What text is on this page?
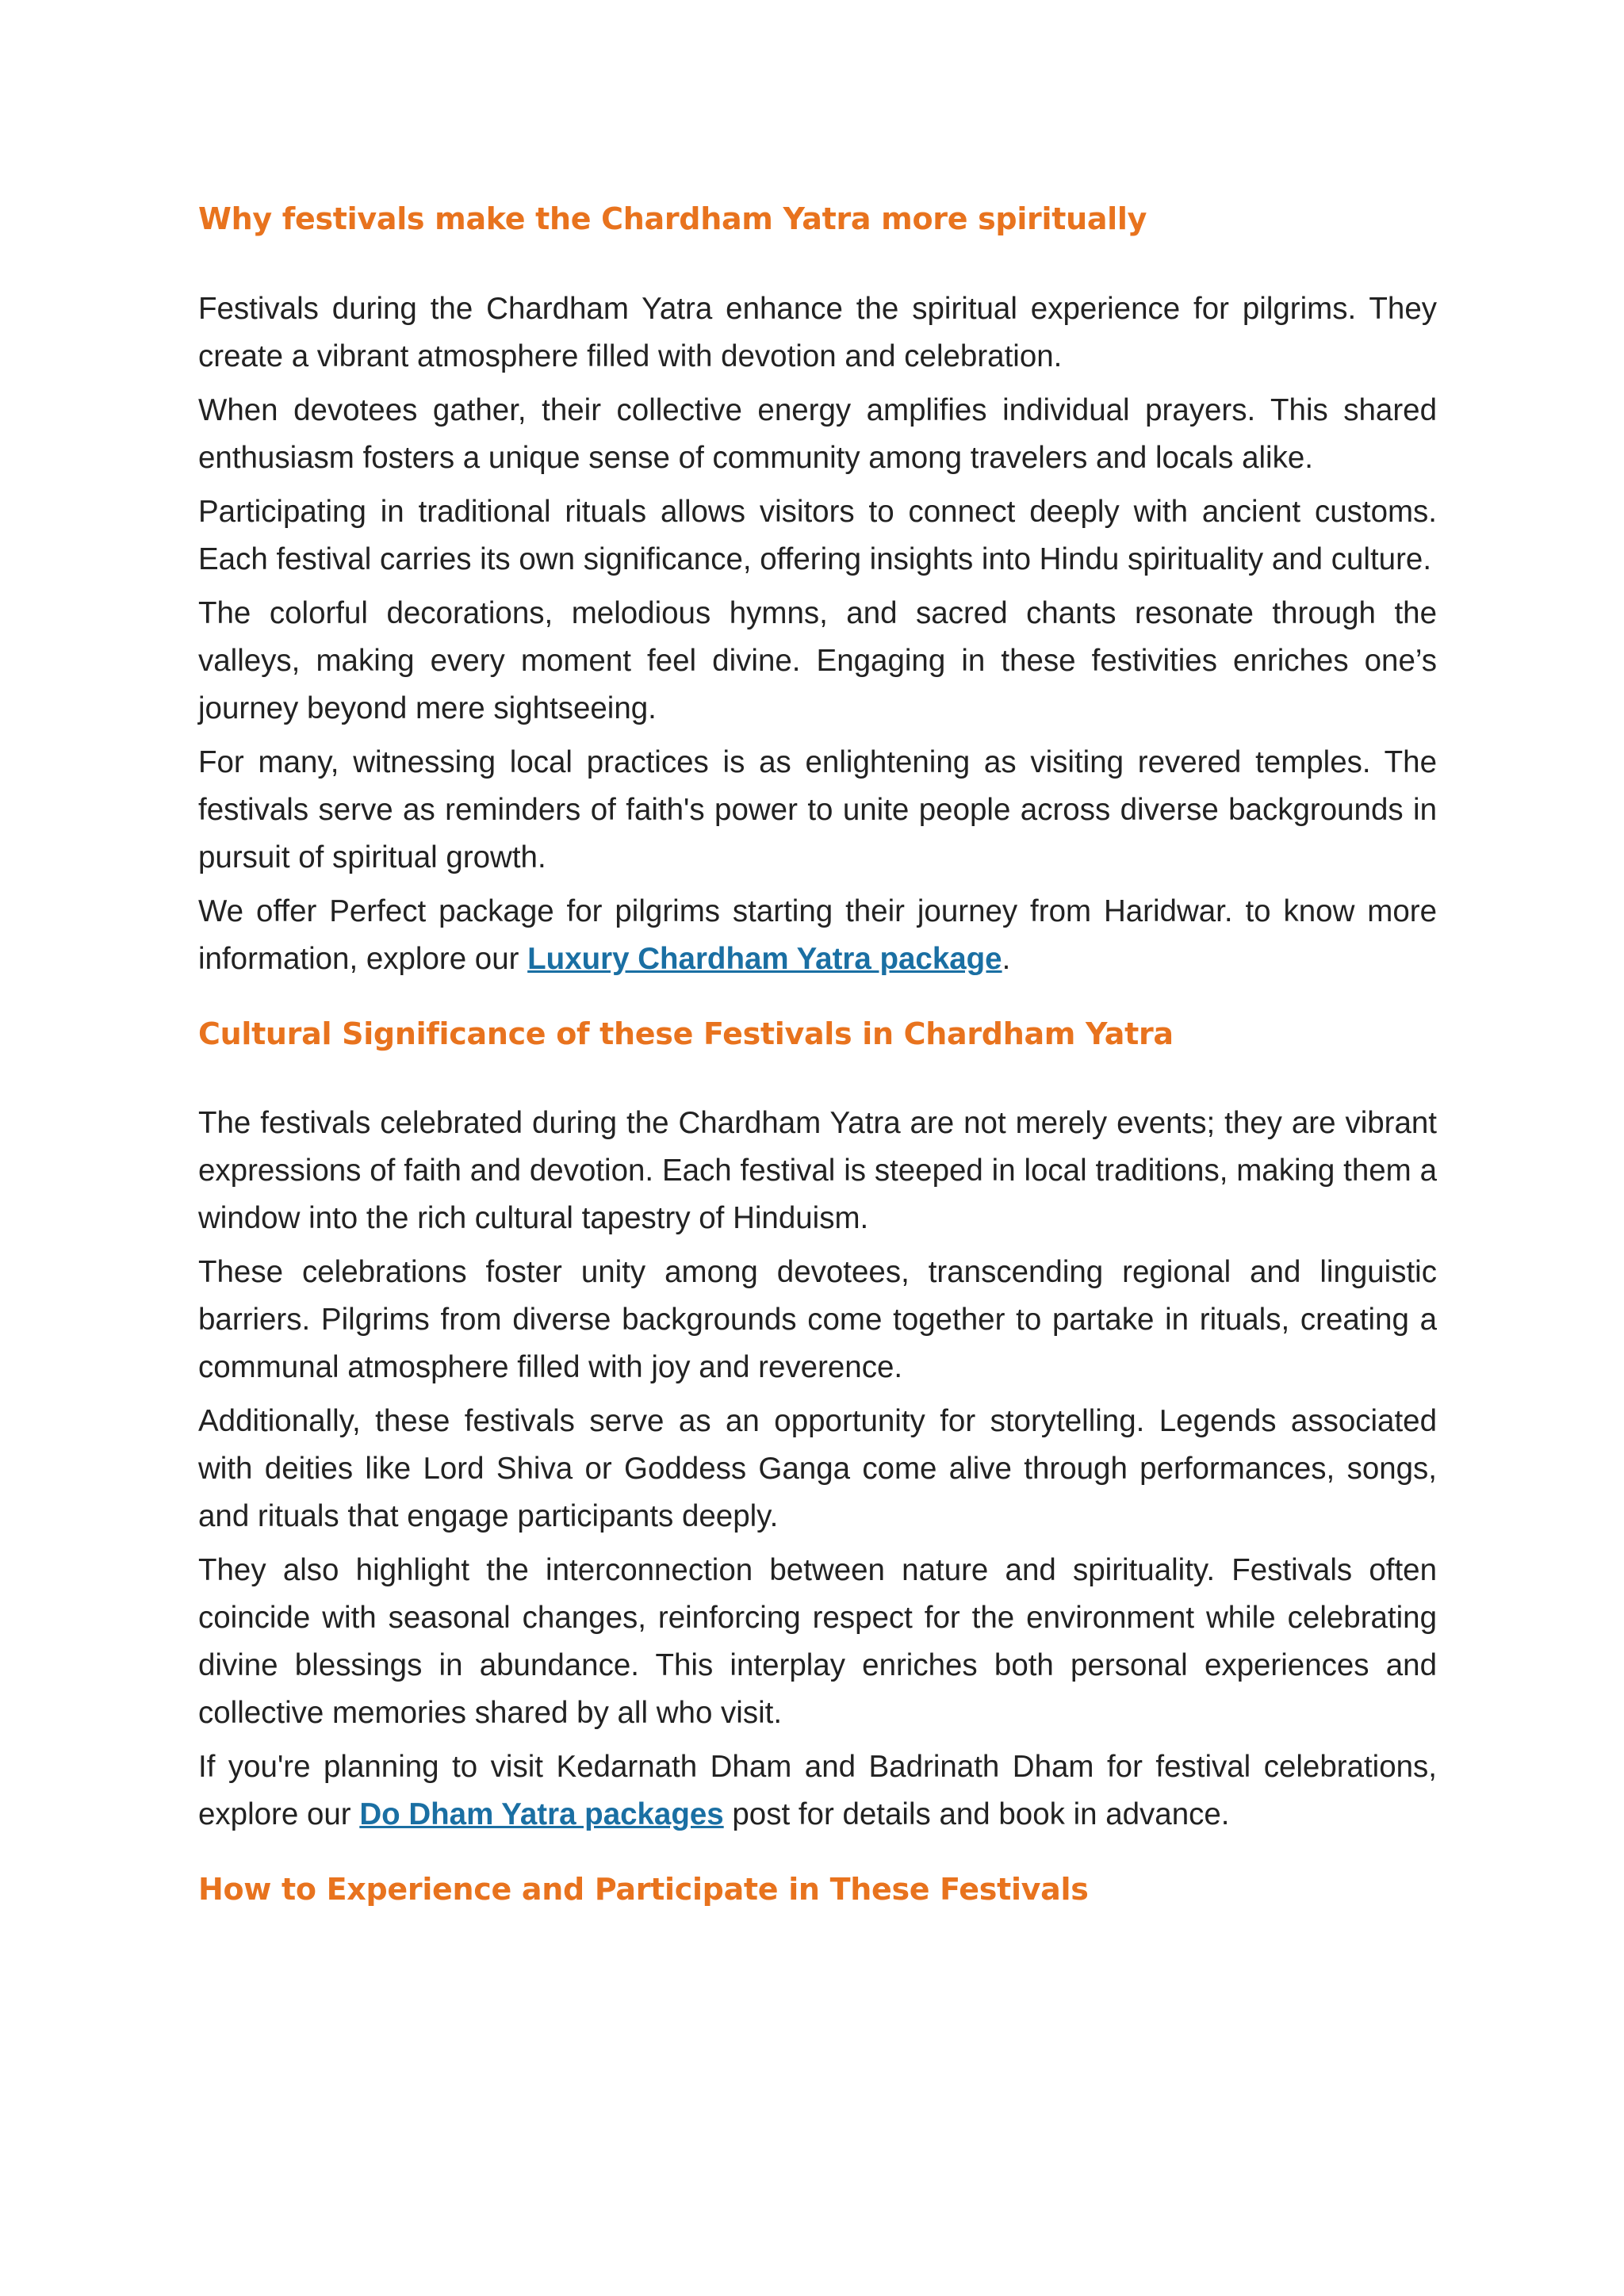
Why festivals make the Chardham Yatra more spiritually

Festivals during the Chardham Yatra enhance the spiritual experience for pilgrims. They create a vibrant atmosphere filled with devotion and celebration.

When devotees gather, their collective energy amplifies individual prayers. This shared enthusiasm fosters a unique sense of community among travelers and locals alike.

Participating in traditional rituals allows visitors to connect deeply with ancient customs. Each festival carries its own significance, offering insights into Hindu spirituality and culture.

The colorful decorations, melodious hymns, and sacred chants resonate through the valleys, making every moment feel divine. Engaging in these festivities enriches one’s journey beyond mere sightseeing.

For many, witnessing local practices is as enlightening as visiting revered temples. The festivals serve as reminders of faith's power to unite people across diverse backgrounds in pursuit of spiritual growth.

We offer Perfect package for pilgrims starting their journey from Haridwar. to know more information, explore our Luxury Chardham Yatra package.

Cultural Significance of these Festivals in Chardham Yatra

The festivals celebrated during the Chardham Yatra are not merely events; they are vibrant expressions of faith and devotion. Each festival is steeped in local traditions, making them a window into the rich cultural tapestry of Hinduism.

These celebrations foster unity among devotees, transcending regional and linguistic barriers. Pilgrims from diverse backgrounds come together to partake in rituals, creating a communal atmosphere filled with joy and reverence.

Additionally, these festivals serve as an opportunity for storytelling. Legends associated with deities like Lord Shiva or Goddess Ganga come alive through performances, songs, and rituals that engage participants deeply.

They also highlight the interconnection between nature and spirituality. Festivals often coincide with seasonal changes, reinforcing respect for the environment while celebrating divine blessings in abundance. This interplay enriches both personal experiences and collective memories shared by all who visit.

If you're planning to visit Kedarnath Dham and Badrinath Dham for festival celebrations, explore our Do Dham Yatra packages post for details and book in advance.

How to Experience and Participate in These Festivals
